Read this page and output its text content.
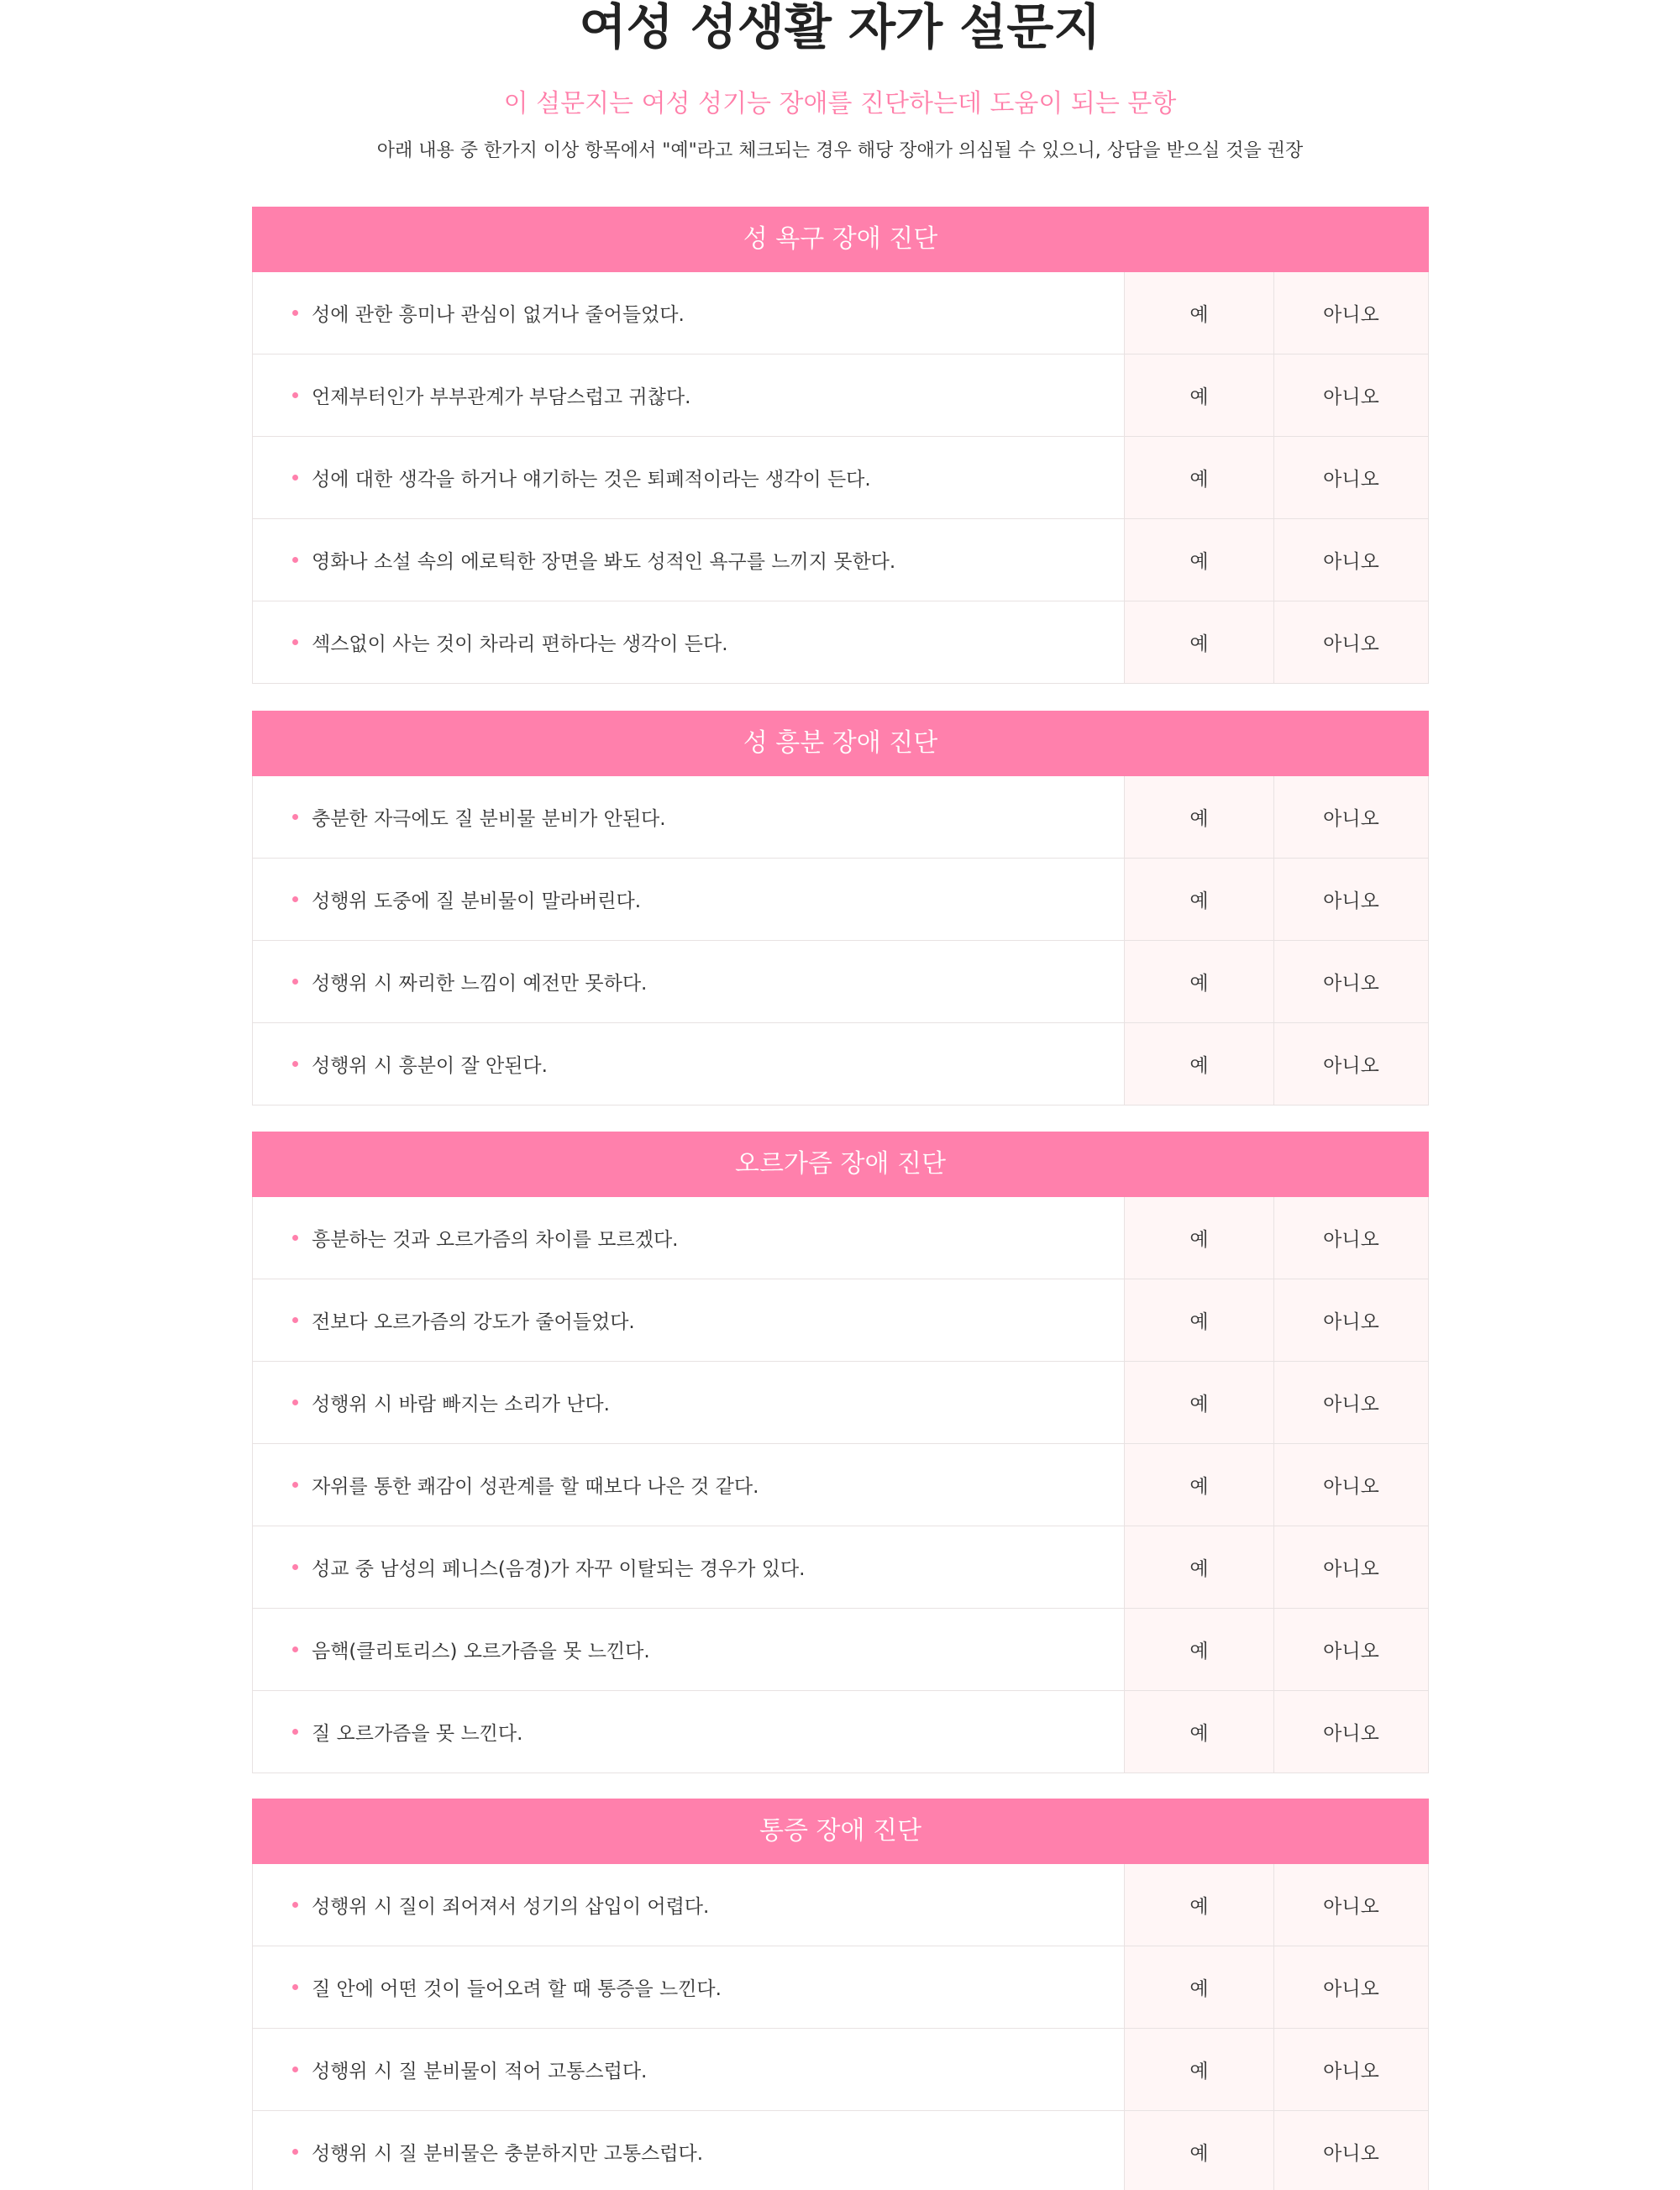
여성 성생활 자가 설문지

이 설문지는 여성 성기능 장애를 진단하는데 도움이 되는 문항

아래 내용 중 한가지 이상 항목에서 "예"라고 체크되는 경우 해당 장애가 의심될 수 있으니, 상담을 받으실 것을 권장

성 욕구 장애 진단
성에 관한 흥미나 관심이 없거나 줄어들었다.	예	아니오
언제부터인가 부부관계가 부담스럽고 귀찮다.	예	아니오
성에 대한 생각을 하거나 얘기하는 것은 퇴폐적이라는 생각이 든다.	예	아니오
영화나 소설 속의 에로틱한 장면을 봐도 성적인 욕구를 느끼지 못한다.	예	아니오
섹스없이 사는 것이 차라리 편하다는 생각이 든다.	예	아니오
성 흥분 장애 진단
충분한 자극에도 질 분비물 분비가 안된다.	예	아니오
성행위 도중에 질 분비물이 말라버린다.	예	아니오
성행위 시 짜리한 느낌이 예전만 못하다.	예	아니오
성행위 시 흥분이 잘 안된다.	예	아니오
오르가즘 장애 진단
흥분하는 것과 오르가즘의 차이를 모르겠다.	예	아니오
전보다 오르가즘의 강도가 줄어들었다.	예	아니오
성행위 시 바람 빠지는 소리가 난다.	예	아니오
자위를 통한 쾌감이 성관계를 할 때보다 나은 것 같다.	예	아니오
성교 중 남성의 페니스(음경)가 자꾸 이탈되는 경우가 있다.	예	아니오
음핵(클리토리스) 오르가즘을 못 느낀다.	예	아니오
질 오르가즘을 못 느낀다.	예	아니오
통증 장애 진단
성행위 시 질이 죄어져서 성기의 삽입이 어렵다.	예	아니오
질 안에 어떤 것이 들어오려 할 때 통증을 느낀다.	예	아니오
성행위 시 질 분비물이 적어 고통스럽다.	예	아니오
성행위 시 질 분비물은 충분하지만 고통스럽다.	예	아니오
